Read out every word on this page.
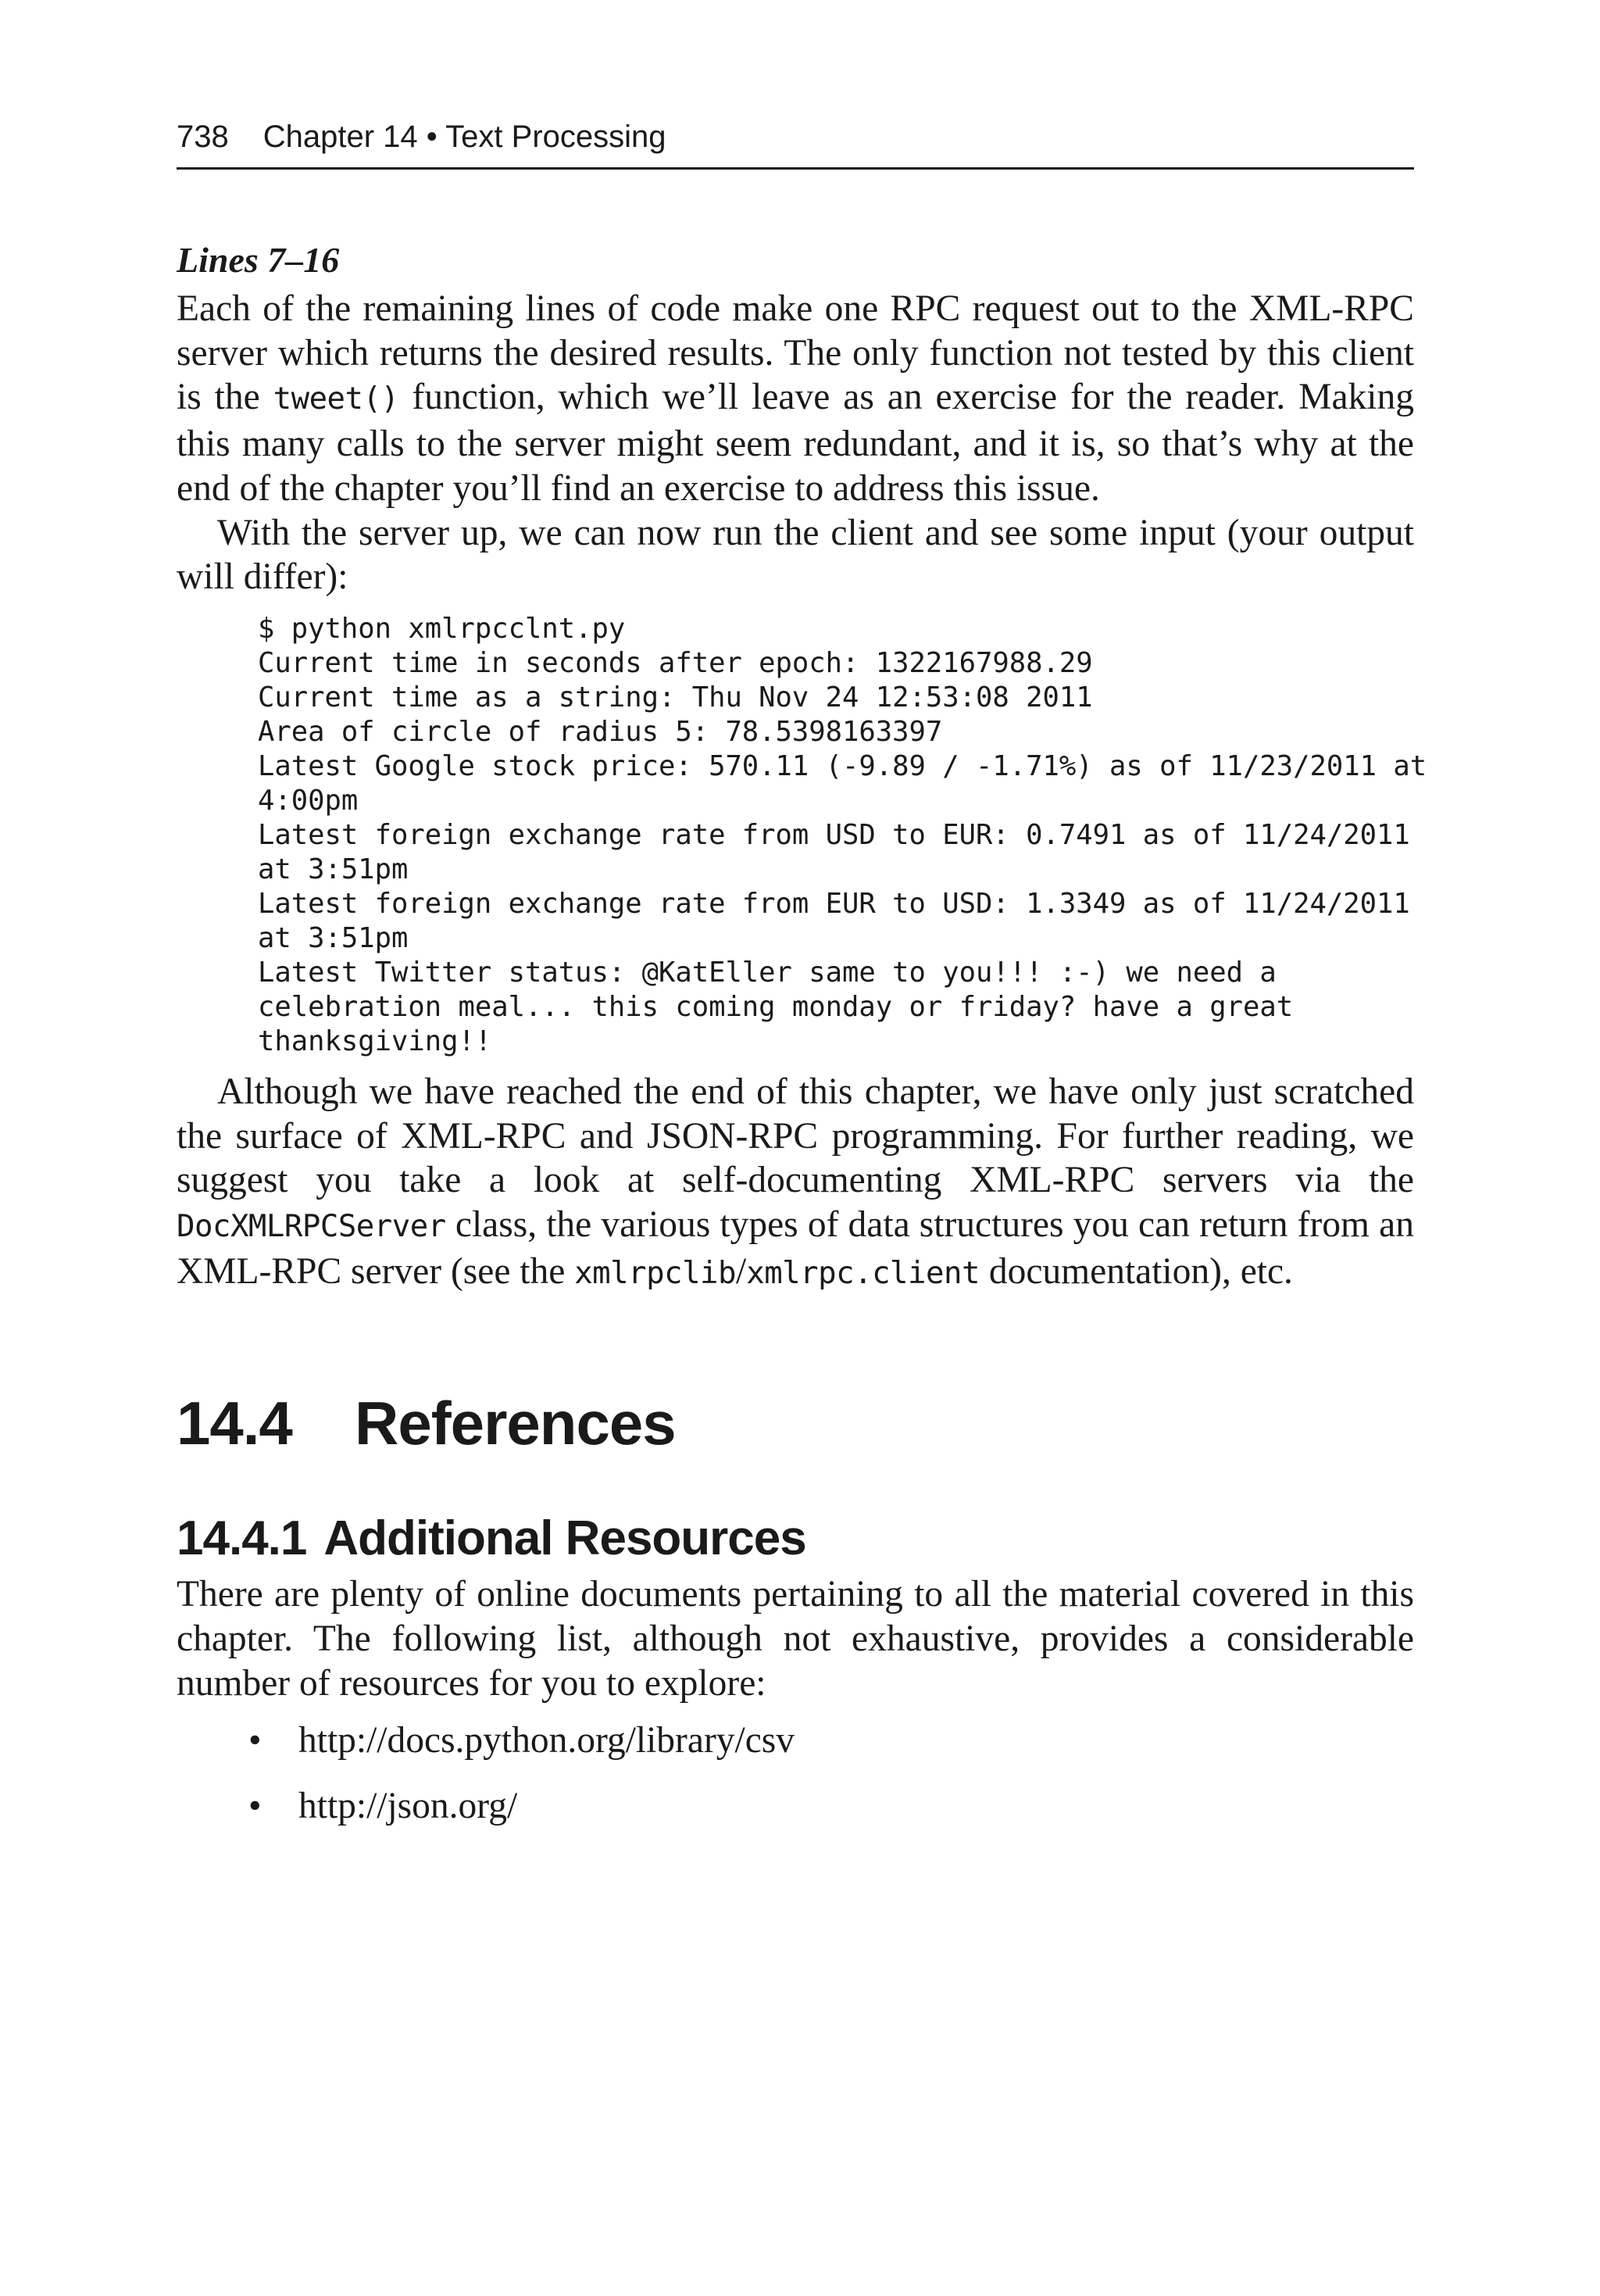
738 Chapter 14 • Text Processing
Lines 7–16

Each of the remaining lines of code make one RPC request out to the XML-RPC server which returns the desired results. The only function not tested by this client is the tweet() function, which we’ll leave as an exercise for the reader. Making this many calls to the server might seem redundant, and it is, so that’s why at the end of the chapter you’ll find an exercise to address this issue.

With the server up, we can now run the client and see some input (your output will differ):

$ python xmlrpcclnt.py
Current time in seconds after epoch: 1322167988.29
Current time as a string: Thu Nov 24 12:53:08 2011
Area of circle of radius 5: 78.5398163397
Latest Google stock price: 570.11 (-9.89 / -1.71%) as of 11/23/2011 at
4:00pm
Latest foreign exchange rate from USD to EUR: 0.7491 as of 11/24/2011
at 3:51pm
Latest foreign exchange rate from EUR to USD: 1.3349 as of 11/24/2011
at 3:51pm
Latest Twitter status: @KatEller same to you!!! :-) we need a
celebration meal... this coming monday or friday? have a great
thanksgiving!!

Although we have reached the end of this chapter, we have only just scratched the surface of XML-RPC and JSON-RPC programming. For further reading, we suggest you take a look at self-documenting XML-RPC servers via the DocXMLRPCServer class, the various types of data structures you can return from an XML-RPC server (see the xmlrpclib/xmlrpc.client documentation), etc.

14.4 References
14.4.1 Additional Resources

There are plenty of online documents pertaining to all the material covered in this chapter. The following list, although not exhaustive, provides a considerable number of resources for you to explore:

• http://docs.python.org/library/csv
• http://json.org/
